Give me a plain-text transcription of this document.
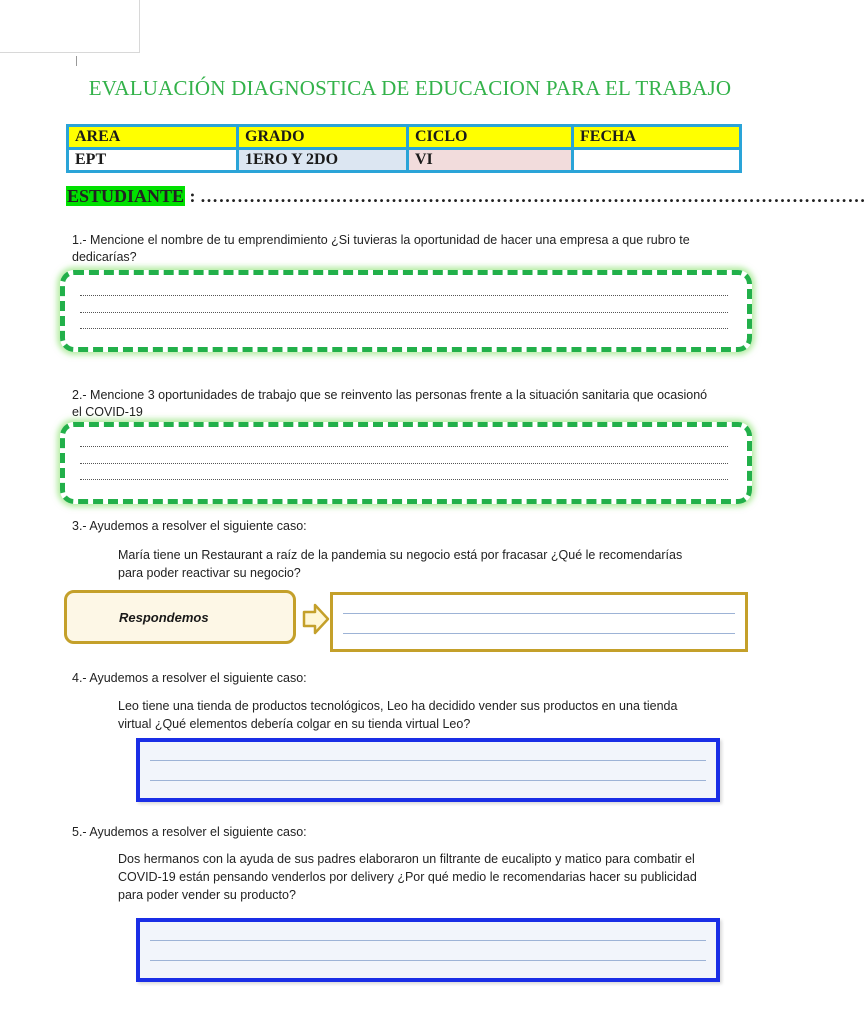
EVALUACIÓN DIAGNOSTICA DE EDUCACION PARA EL TRABAJO
AREA	GRADO	CICLO	FECHA
EPT	1ERO Y 2DO	VI	
ESTUDIANTE : ………………………………………………………………………………………………
1.- Mencione el nombre de tu emprendimiento ¿Si tuvieras la oportunidad de hacer una empresa a que rubro te dedicarías?
2.- Mencione 3 oportunidades de trabajo que se reinvento las personas frente a la situación sanitaria que ocasionó el COVID-19
3.- Ayudemos a resolver el siguiente caso:
María tiene un Restaurant a raíz de la pandemia su negocio está por fracasar ¿Qué le recomendarías para poder reactivar su negocio?
Respondemos
4.- Ayudemos a resolver el siguiente caso:
Leo tiene una tienda de productos tecnológicos, Leo ha decidido vender sus productos en una tienda virtual ¿Qué elementos debería colgar en su tienda virtual Leo?
5.- Ayudemos a resolver el siguiente caso:
Dos hermanos con la ayuda de sus padres elaboraron un filtrante de eucalipto y matico para combatir el COVID-19 están pensando venderlos por delivery ¿Por qué medio le recomendarias hacer su publicidad para poder vender su producto?
